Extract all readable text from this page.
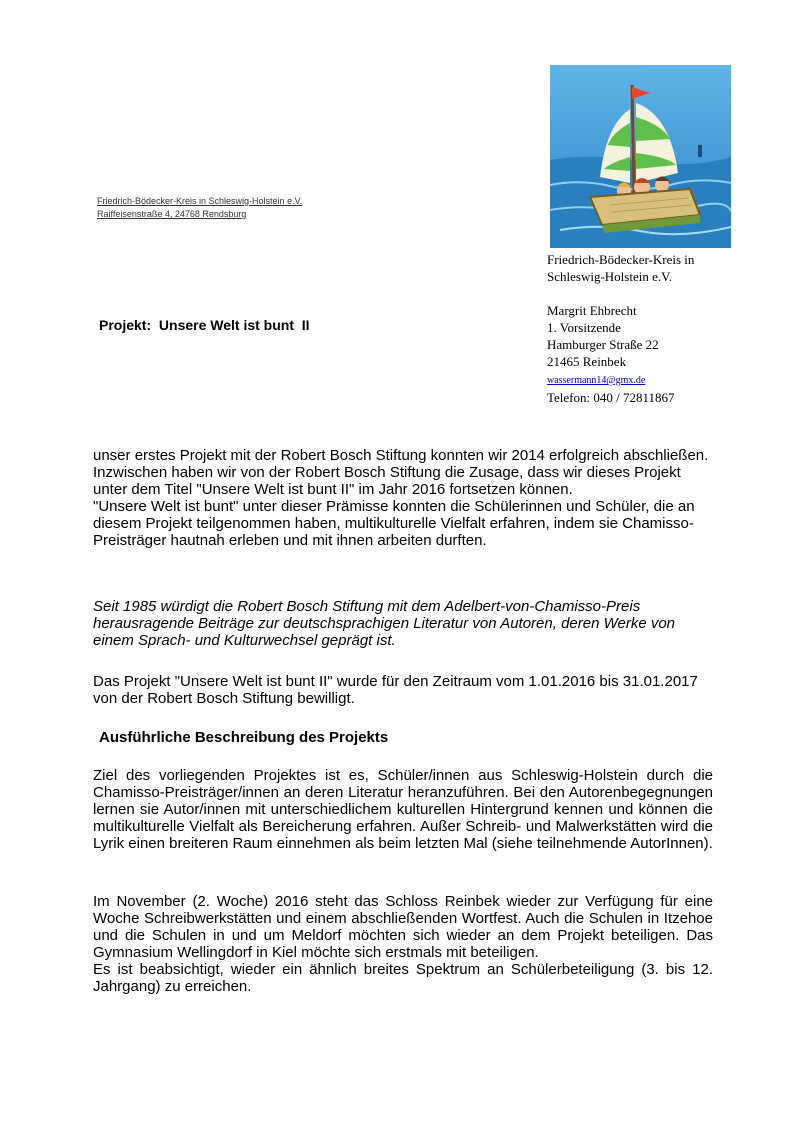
Friedrich-Bödecker-Kreis in Schleswig-Holstein e.V.
Raiffeisenstraße 4, 24768 Rendsburg
Friedrich-Bödecker-Kreis in
Schleswig-Holstein e.V.
Margrit Ehbrecht
1. Vorsitzende
Hamburger Straße 22
21465 Reinbek
wassermann14@gmx.de
Telefon: 040 / 72811867
Projekt:  Unsere Welt ist bunt  II

unser erstes Projekt mit der Robert Bosch Stiftung konnten wir 2014 erfolgreich abschließen. Inzwischen haben wir von der Robert Bosch Stiftung die Zusage, dass wir dieses Projekt unter dem Titel "Unsere Welt ist bunt II" im Jahr 2016 fortsetzen können.

"Unsere Welt ist bunt" unter dieser Prämisse konnten die Schülerinnen und Schüler, die an diesem Projekt teilgenommen haben, multikulturelle Vielfalt erfahren, indem sie Chamisso-Preisträger hautnah erleben und mit ihnen arbeiten durften.

Seit 1985 würdigt die Robert Bosch Stiftung mit dem Adelbert-von-Chamisso-Preis herausragende Beiträge zur deutschsprachigen Literatur von Autoren, deren Werke von einem Sprach- und Kulturwechsel geprägt ist.
Das Projekt "Unsere Welt ist bunt II" wurde für den Zeitraum vom 1.01.2016 bis 31.01.2017 von der Robert Bosch Stiftung bewilligt.
Ausführliche Beschreibung des Projekts
Ziel des vorliegenden Projektes ist es, Schüler/innen aus Schleswig-Holstein durch die Chamisso-Preisträger/innen an deren Literatur heranzuführen. Bei den Autorenbegegnungen lernen sie Autor/innen mit unterschiedlichem kulturellen Hintergrund kennen und können die multikulturelle Vielfalt als Bereicherung erfahren. Außer Schreib- und Malwerkstätten wird die Lyrik einen breiteren Raum einnehmen als beim letzten Mal (siehe teilnehmende AutorInnen).

Im November (2. Woche) 2016 steht das Schloss Reinbek wieder zur Verfügung für eine Woche Schreibwerkstätten und einem abschließenden Wortfest. Auch die Schulen in Itzehoe und die Schulen in und um Meldorf möchten sich wieder an dem Projekt beteiligen. Das Gymnasium Wellingdorf in Kiel möchte sich erstmals mit beteiligen.

Es ist beabsichtigt, wieder ein ähnlich breites Spektrum an Schülerbeteiligung (3. bis 12. Jahrgang) zu erreichen.
